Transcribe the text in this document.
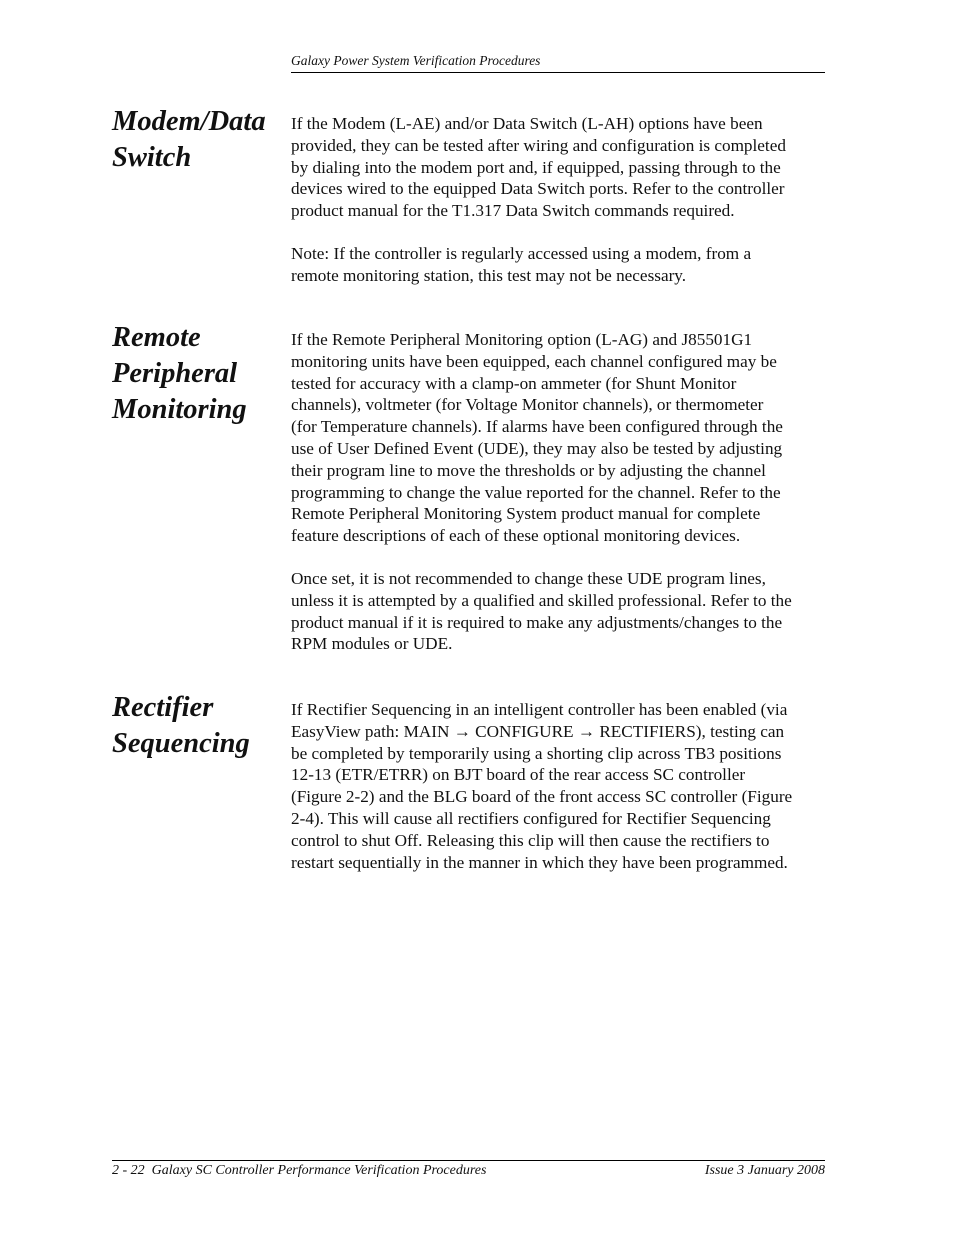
Galaxy Power System Verification Procedures
Modem/Data
Switch

If the Modem (L-AE) and/or Data Switch (L-AH) options have been
provided, they can be tested after wiring and configuration is completed
by dialing into the modem port and, if equipped, passing through to the
devices wired to the equipped Data Switch ports. Refer to the controller
product manual for the T1.317 Data Switch commands required.

Note: If the controller is regularly accessed using a modem, from a
remote monitoring station, this test may not be necessary.

Remote
Peripheral
Monitoring

If the Remote Peripheral Monitoring option (L-AG) and J85501G1
monitoring units have been equipped, each channel configured may be
tested for accuracy with a clamp-on ammeter (for Shunt Monitor
channels), voltmeter (for Voltage Monitor channels), or thermometer
(for Temperature channels). If alarms have been configured through the
use of User Defined Event (UDE), they may also be tested by adjusting
their program line to move the thresholds or by adjusting the channel
programming to change the value reported for the channel. Refer to the
Remote Peripheral Monitoring System product manual for complete
feature descriptions of each of these optional monitoring devices.

Once set, it is not recommended to change these UDE program lines,
unless it is attempted by a qualified and skilled professional. Refer to the
product manual if it is required to make any adjustments/changes to the
RPM modules or UDE.

Rectifier
Sequencing

If Rectifier Sequencing in an intelligent controller has been enabled (via
EasyView path: MAIN → CONFIGURE → RECTIFIERS), testing can
be completed by temporarily using a shorting clip across TB3 positions
12-13 (ETR/ETRR) on BJT board of the rear access SC controller
(Figure 2-2) and the BLG board of the front access SC controller (Figure
2-4). This will cause all rectifiers configured for Rectifier Sequencing
control to shut Off. Releasing this clip will then cause the rectifiers to
restart sequentially in the manner in which they have been programmed.

2 - 22  Galaxy SC Controller Performance Verification Procedures	Issue 3 January 2008
